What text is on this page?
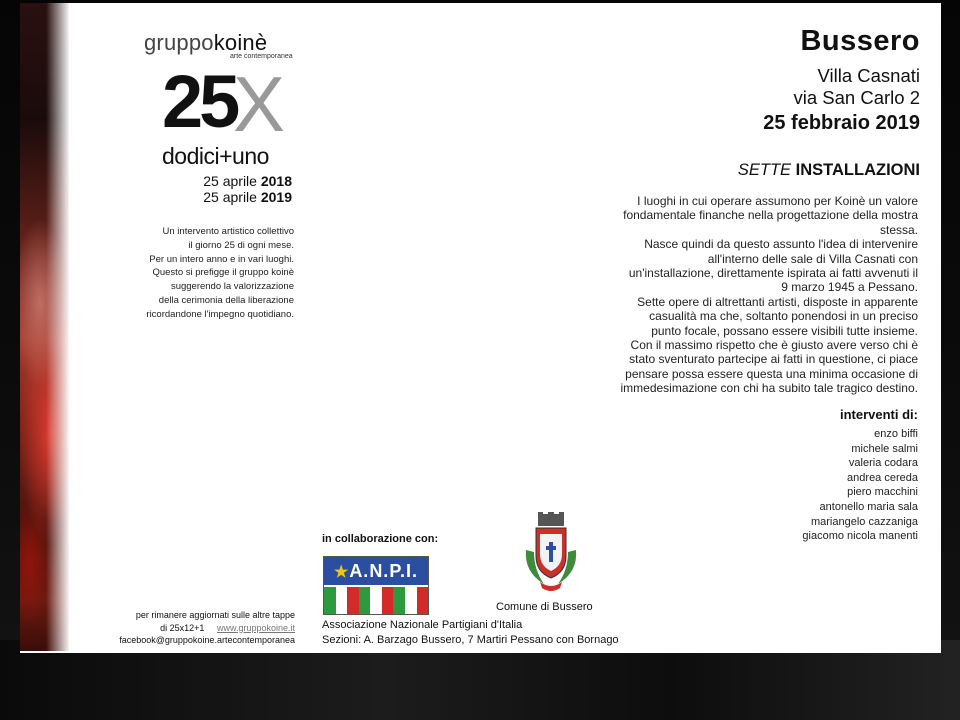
gruppokoinè
arte contemporanea
25
X
dodici+uno
25 aprile 2018
25 aprile 2019
Un intervento artistico collettivo
il giorno 25 di ogni mese.
Per un intero anno e in vari luoghi.
Questo si prefigge il gruppo koinè
suggerendo la valorizzazione
della cerimonia della liberazione
ricordandone l'impegno quotidiano.
per rimanere aggiornati sulle altre tappe
di 25x12+1 www.gruppokoine.it
facebook@gruppokoine.artecontemporanea
Bussero
Villa Casnati
via San Carlo 2
25 febbraio 2019
SETTE INSTALLAZIONI
I luoghi in cui operare assumono per Koinè un valore
fondamentale finanche nella progettazione della mostra
stessa.
Nasce quindi da questo assunto l'idea di intervenire
all'interno delle sale di Villa Casnati con
un'installazione, direttamente ispirata ai fatti avvenuti il
9 marzo 1945 a Pessano.
Sette opere di altrettanti artisti, disposte in apparente
casualità ma che, soltanto ponendosi in un preciso
punto focale, possano essere visibili tutte insieme.
Con il massimo rispetto che è giusto avere verso chi è
stato sventurato partecipe ai fatti in questione, ci piace
pensare possa essere questa una minima occasione di
immedesimazione con chi ha subito tale tragico destino.
interventi di:
enzo biffi
michele salmi
valeria codara
andrea cereda
piero macchini
antonello maria sala
mariangelo cazzaniga
giacomo nicola manenti
in collaborazione con:
★A.N.P.I.
Comune di Bussero
Associazione Nazionale Partigiani d'Italia
Sezioni: A. Barzago Bussero, 7 Martiri Pessano con Bornago
